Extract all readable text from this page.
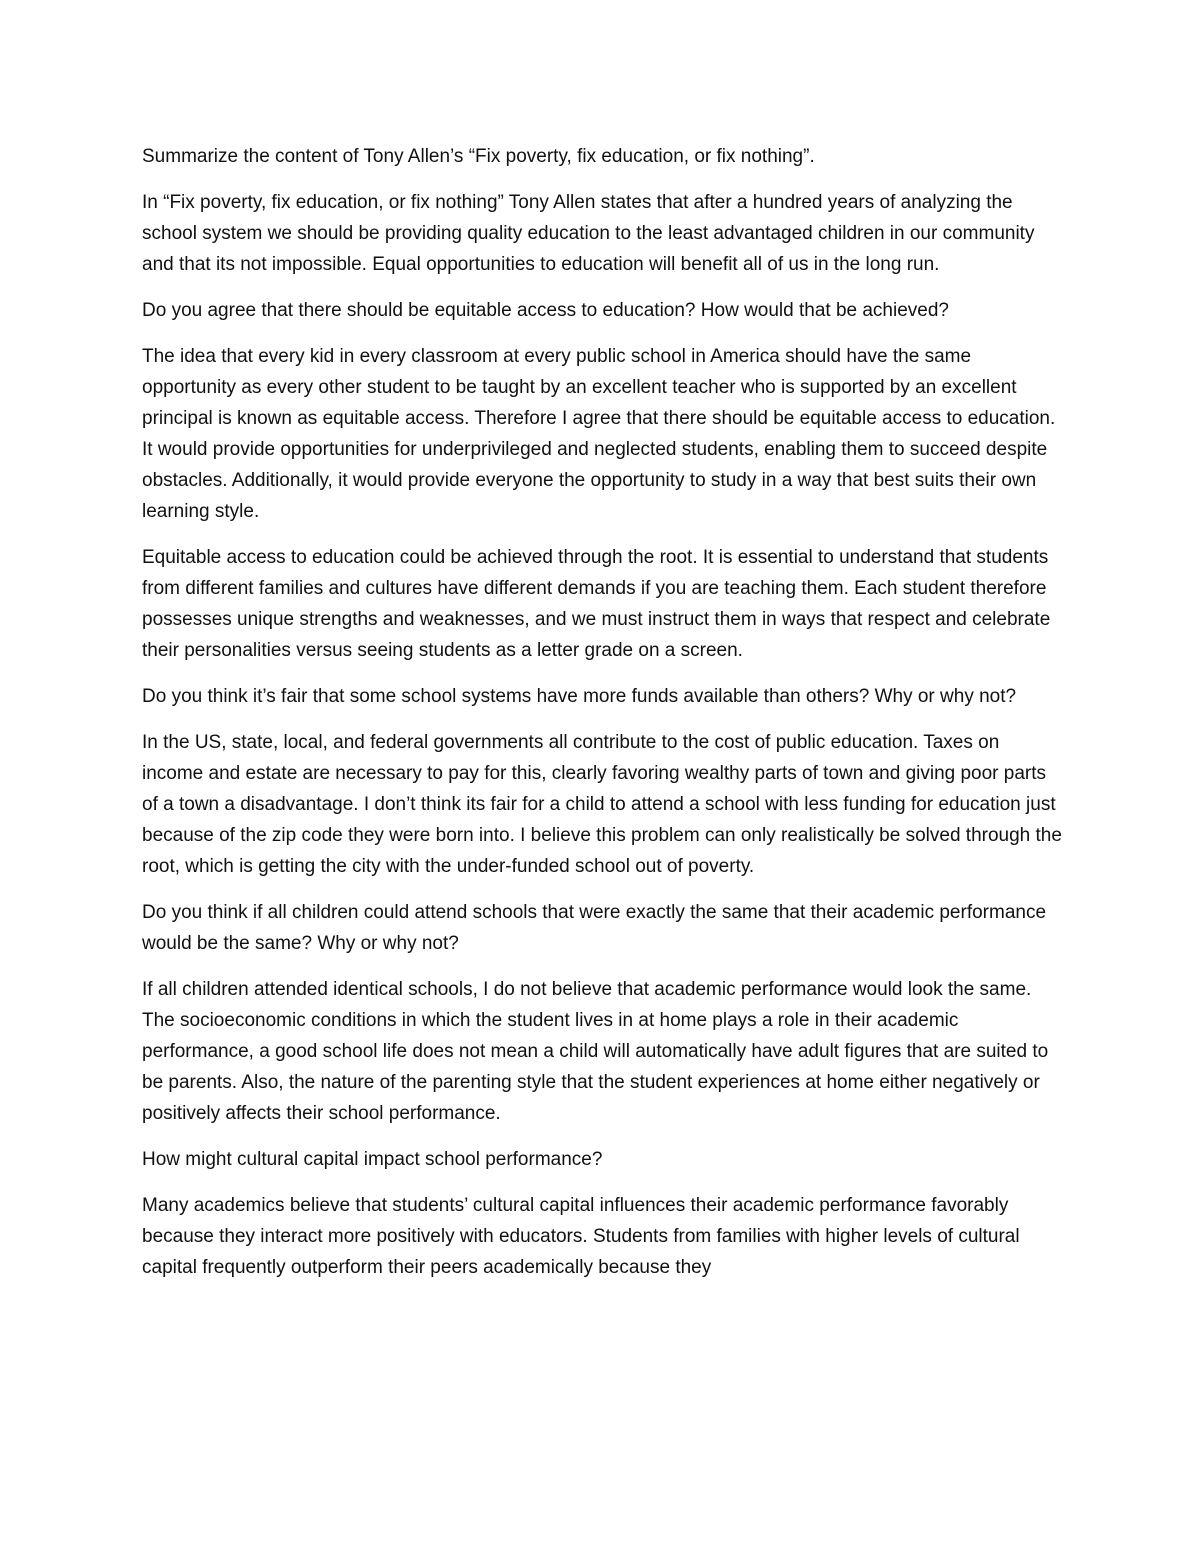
Summarize the content of Tony Allen’s “Fix poverty, fix education, or fix nothing”.

In “Fix poverty, fix education, or fix nothing” Tony Allen states that after a hundred years of analyzing the school system we should be providing quality education to the least advantaged children in our community and that its not impossible. Equal opportunities to education will benefit all of us in the long run.

Do you agree that there should be equitable access to education? How would that be achieved?

The idea that every kid in every classroom at every public school in America should have the same opportunity as every other student to be taught by an excellent teacher who is supported by an excellent principal is known as equitable access. Therefore I agree that there should be equitable access to education. It would provide opportunities for underprivileged and neglected students, enabling them to succeed despite obstacles. Additionally, it would provide everyone the opportunity to study in a way that best suits their own learning style.

Equitable access to education could be achieved through the root. It is essential to understand that students from different families and cultures have different demands if you are teaching them. Each student therefore possesses unique strengths and weaknesses, and we must instruct them in ways that respect and celebrate their personalities versus seeing students as a letter grade on a screen.

Do you think it’s fair that some school systems have more funds available than others? Why or why not?

In the US, state, local, and federal governments all contribute to the cost of public education. Taxes on income and estate are necessary to pay for this, clearly favoring wealthy parts of town and giving poor parts of a town a disadvantage. I don’t think its fair for a child to attend a school with less funding for education just because of the zip code they were born into. I believe this problem can only realistically be solved through the root, which is getting the city with the under-funded school out of poverty.

Do you think if all children could attend schools that were exactly the same that their academic performance would be the same? Why or why not?

If all children attended identical schools, I do not believe that academic performance would look the same. The socioeconomic conditions in which the student lives in at home plays a role in their academic performance, a good school life does not mean a child will automatically have adult figures that are suited to be parents. Also, the nature of the parenting style that the student experiences at home either negatively or positively affects their school performance.

How might cultural capital impact school performance?

Many academics believe that students’ cultural capital influences their academic performance favorably because they interact more positively with educators. Students from families with higher levels of cultural capital frequently outperform their peers academically because they
